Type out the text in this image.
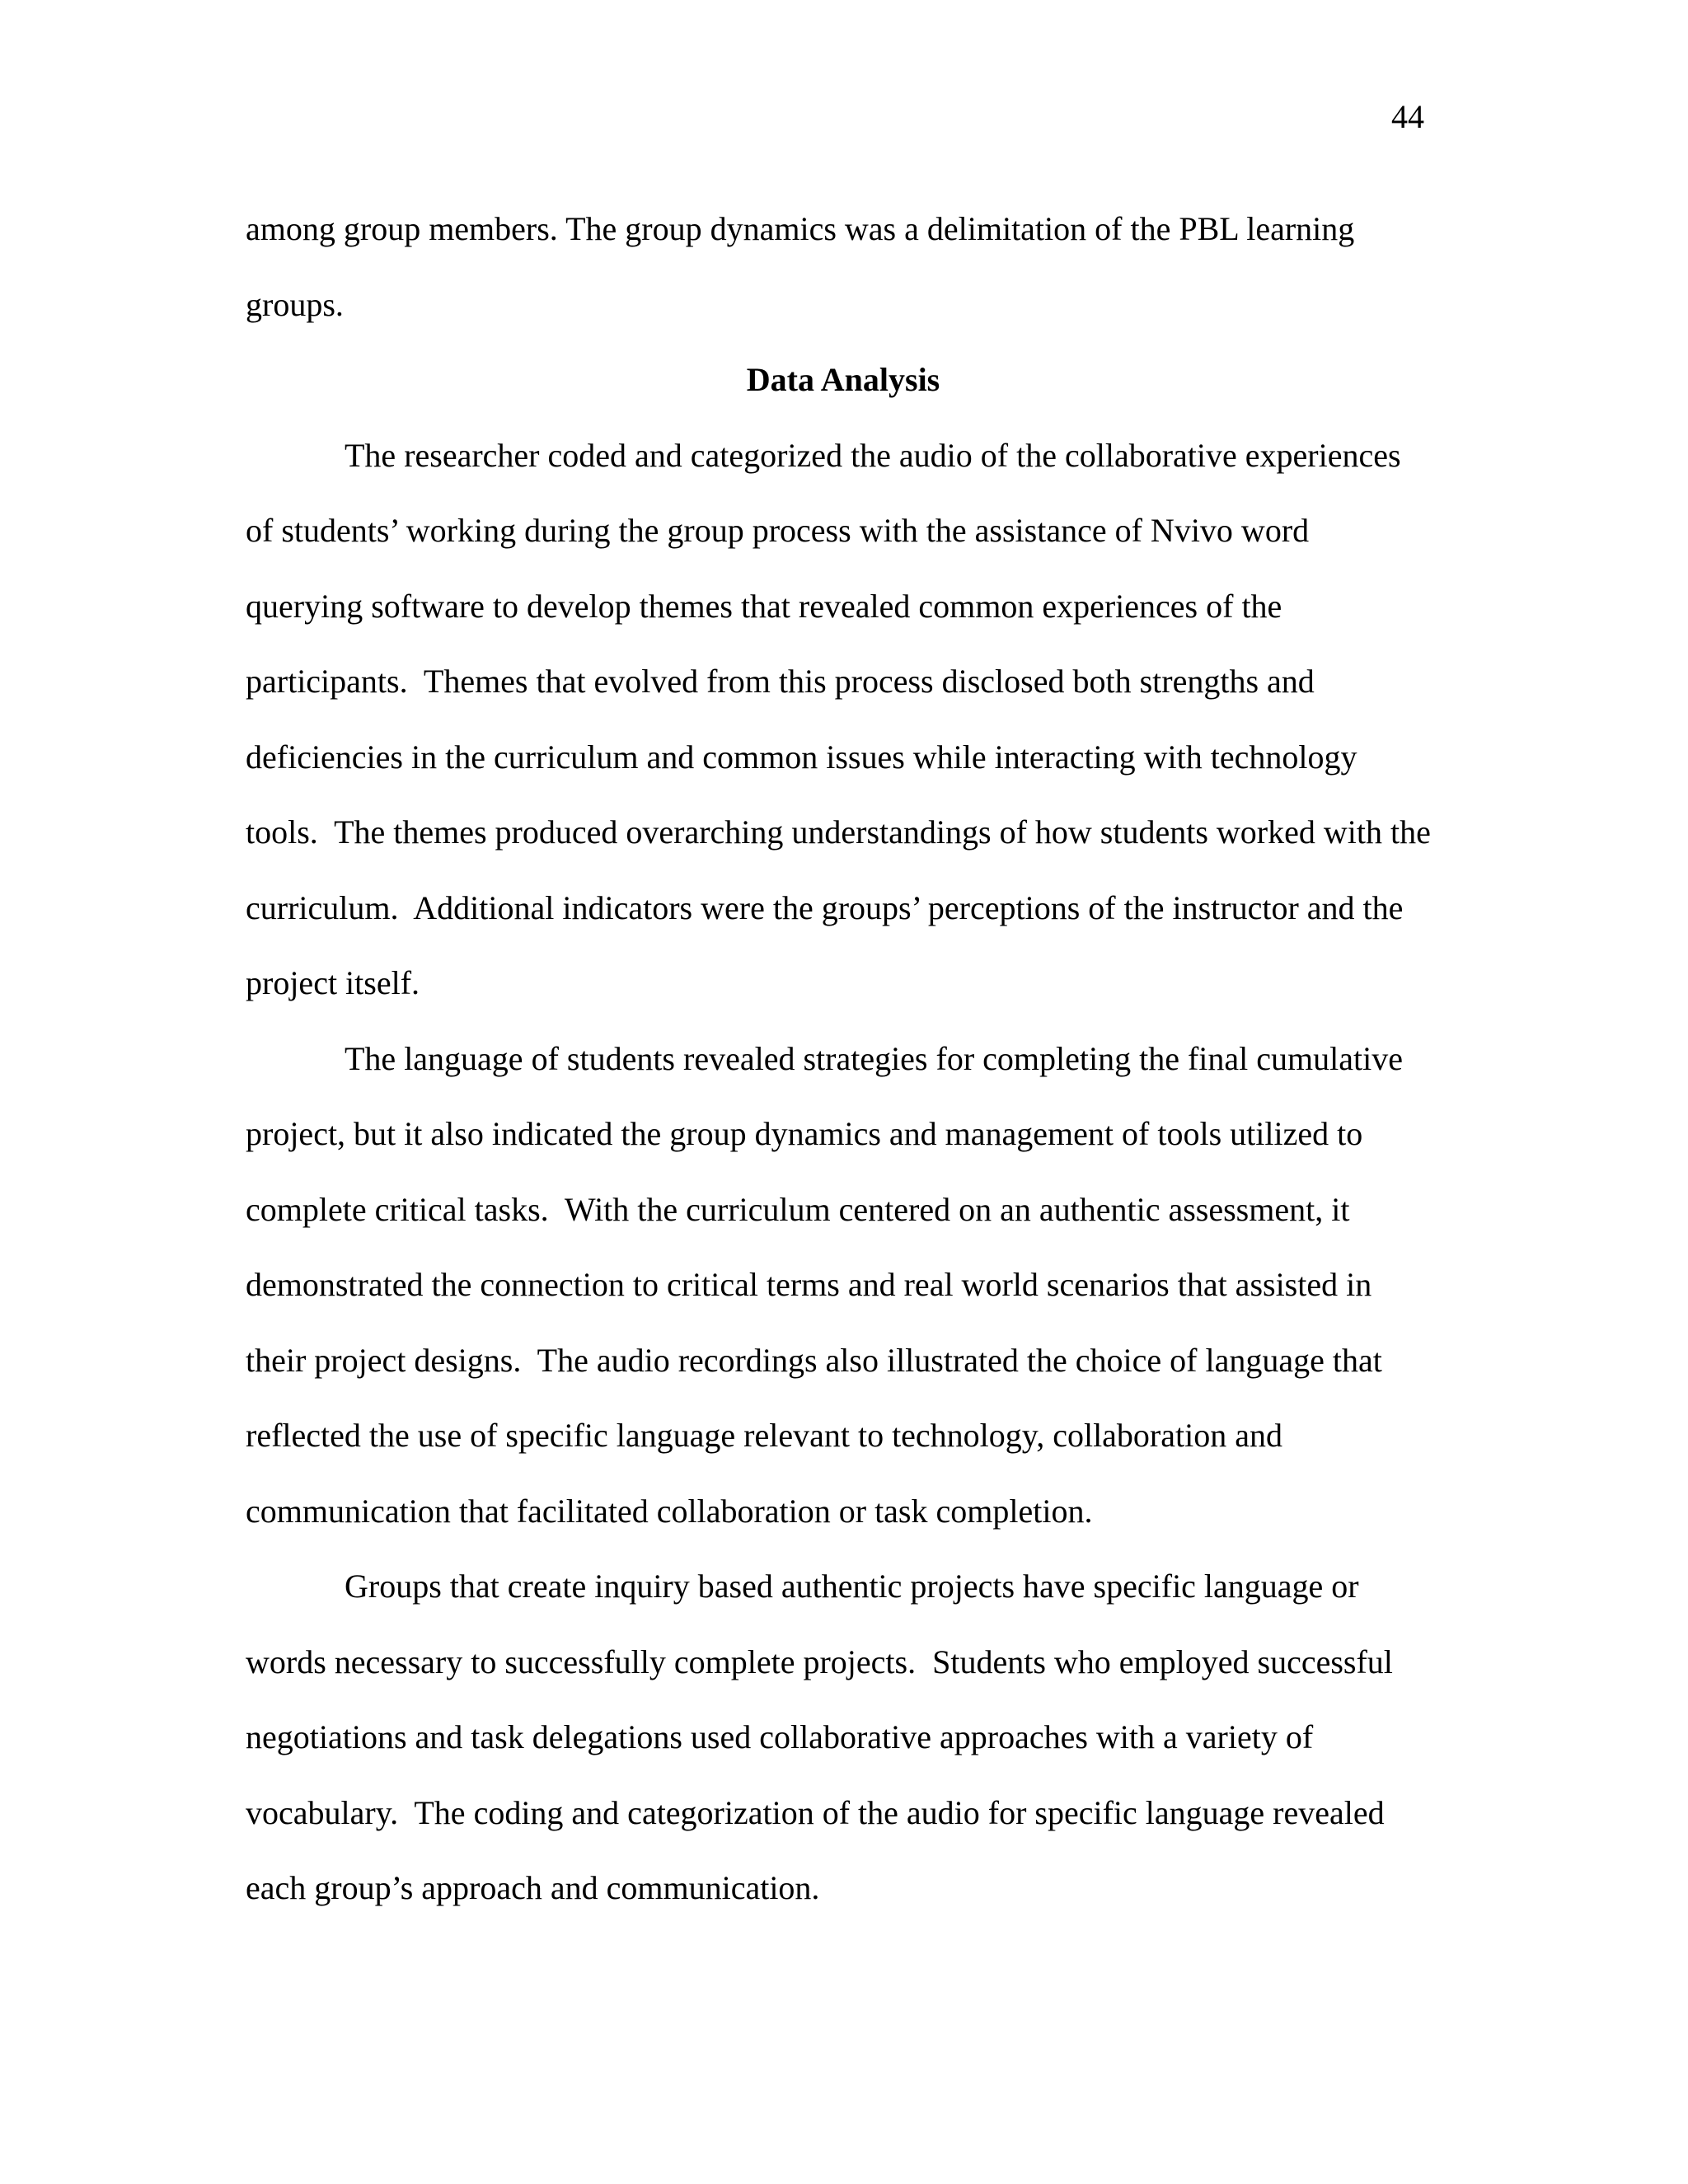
44
among group members. The group dynamics was a delimitation of the PBL learning
groups.
Data Analysis
The researcher coded and categorized the audio of the collaborative experiences
of students’ working during the group process with the assistance of Nvivo word
querying software to develop themes that revealed common experiences of the
participants.  Themes that evolved from this process disclosed both strengths and
deficiencies in the curriculum and common issues while interacting with technology
tools.  The themes produced overarching understandings of how students worked with the
curriculum.  Additional indicators were the groups’ perceptions of the instructor and the
project itself.
The language of students revealed strategies for completing the final cumulative
project, but it also indicated the group dynamics and management of tools utilized to
complete critical tasks.  With the curriculum centered on an authentic assessment, it
demonstrated the connection to critical terms and real world scenarios that assisted in
their project designs.  The audio recordings also illustrated the choice of language that
reflected the use of specific language relevant to technology, collaboration and
communication that facilitated collaboration or task completion.
Groups that create inquiry based authentic projects have specific language or
words necessary to successfully complete projects.  Students who employed successful
negotiations and task delegations used collaborative approaches with a variety of
vocabulary.  The coding and categorization of the audio for specific language revealed
each group’s approach and communication.
